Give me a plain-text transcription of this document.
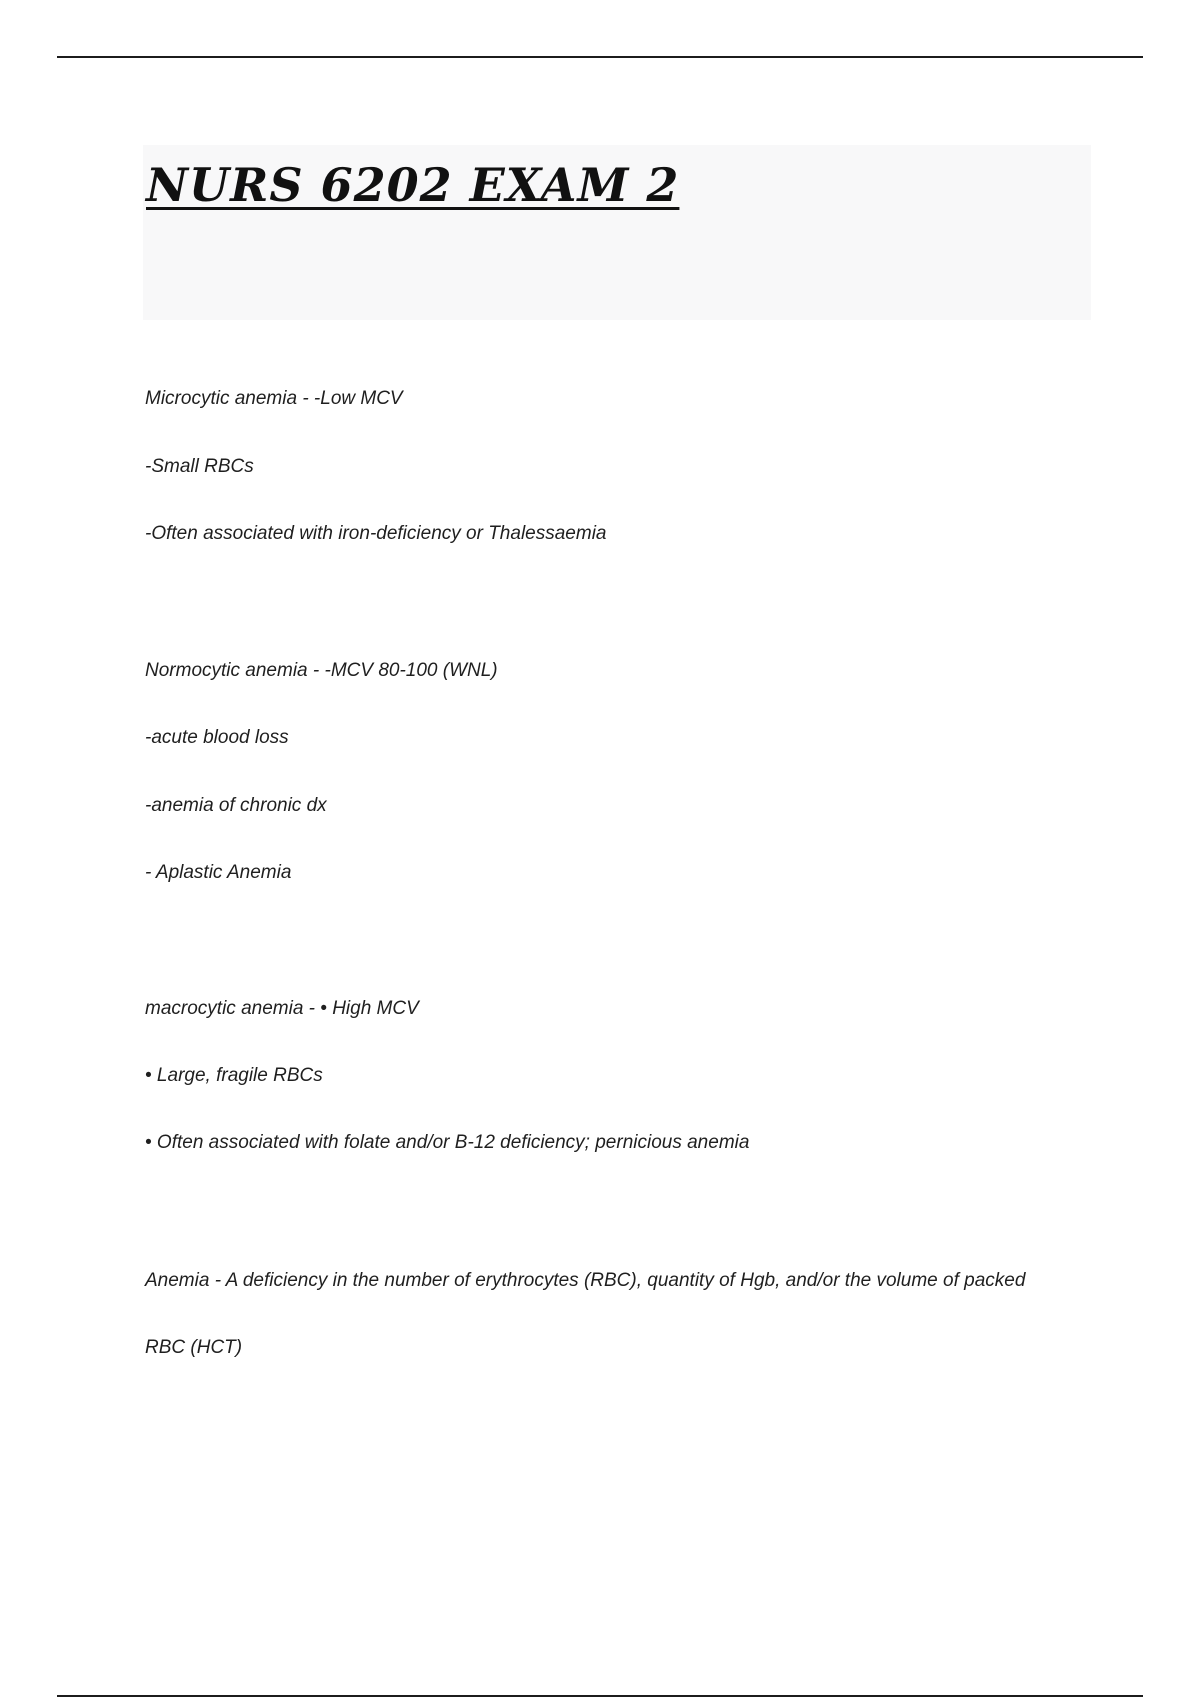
NURS 6202 EXAM 2

Microcytic anemia - -Low MCV

-Small RBCs

-Often associated with iron-deficiency or Thalessaemia

Normocytic anemia - -MCV 80-100 (WNL)

-acute blood loss

-anemia of chronic dx

- Aplastic Anemia

macrocytic anemia - • High MCV

• Large, fragile RBCs

• Often associated with folate and/or B-12 deficiency; pernicious anemia

Anemia - A deficiency in the number of erythrocytes (RBC), quantity of Hgb, and/or the volume of packed

RBC (HCT)
